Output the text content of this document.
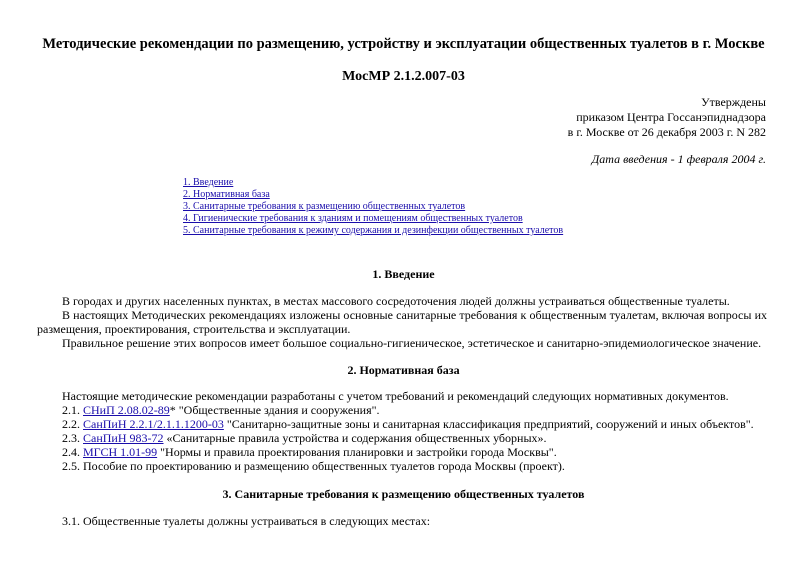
Методические рекомендации по размещению, устройству и эксплуатации общественных туалетов в г. Москве
МосМР 2.1.2.007-03
Утверждены
приказом Центра Госсанэпиднадзора
в г. Москве от 26 декабря 2003 г. N 282
Дата введения - 1 февраля 2004 г.
1. Введение
2. Нормативная база
3. Санитарные требования к размещению общественных туалетов
4. Гигиенические требования к зданиям и помещениям общественных туалетов
5. Санитарные требования к режиму содержания и дезинфекции общественных туалетов
1. Введение

В городах и других населенных пунктах, в местах массового сосредоточения людей должны устраиваться общественные туалеты.

В настоящих Методических рекомендациях изложены основные санитарные требования к общественным туалетам, включая вопросы их размещения, проектирования, строительства и эксплуатации.

Правильное решение этих вопросов имеет большое социально-гигиеническое, эстетическое и санитарно-эпидемиологическое значение.

2. Нормативная база

Настоящие методические рекомендации разработаны с учетом требований и рекомендаций следующих нормативных документов.

2.1. СНиП 2.08.02-89* "Общественные здания и сооружения".

2.2. СанПиН 2.2.1/2.1.1.1200-03 "Санитарно-защитные зоны и санитарная классификация предприятий, сооружений и иных объектов".

2.3. СанПиН 983-72 «Санитарные правила устройства и содержания общественных уборных».

2.4. МГСН 1.01-99 "Нормы и правила проектирования планировки и застройки города Москвы".

2.5. Пособие по проектированию и размещению общественных туалетов города Москвы (проект).

3. Санитарные требования к размещению общественных туалетов

3.1. Общественные туалеты должны устраиваться в следующих местах:
